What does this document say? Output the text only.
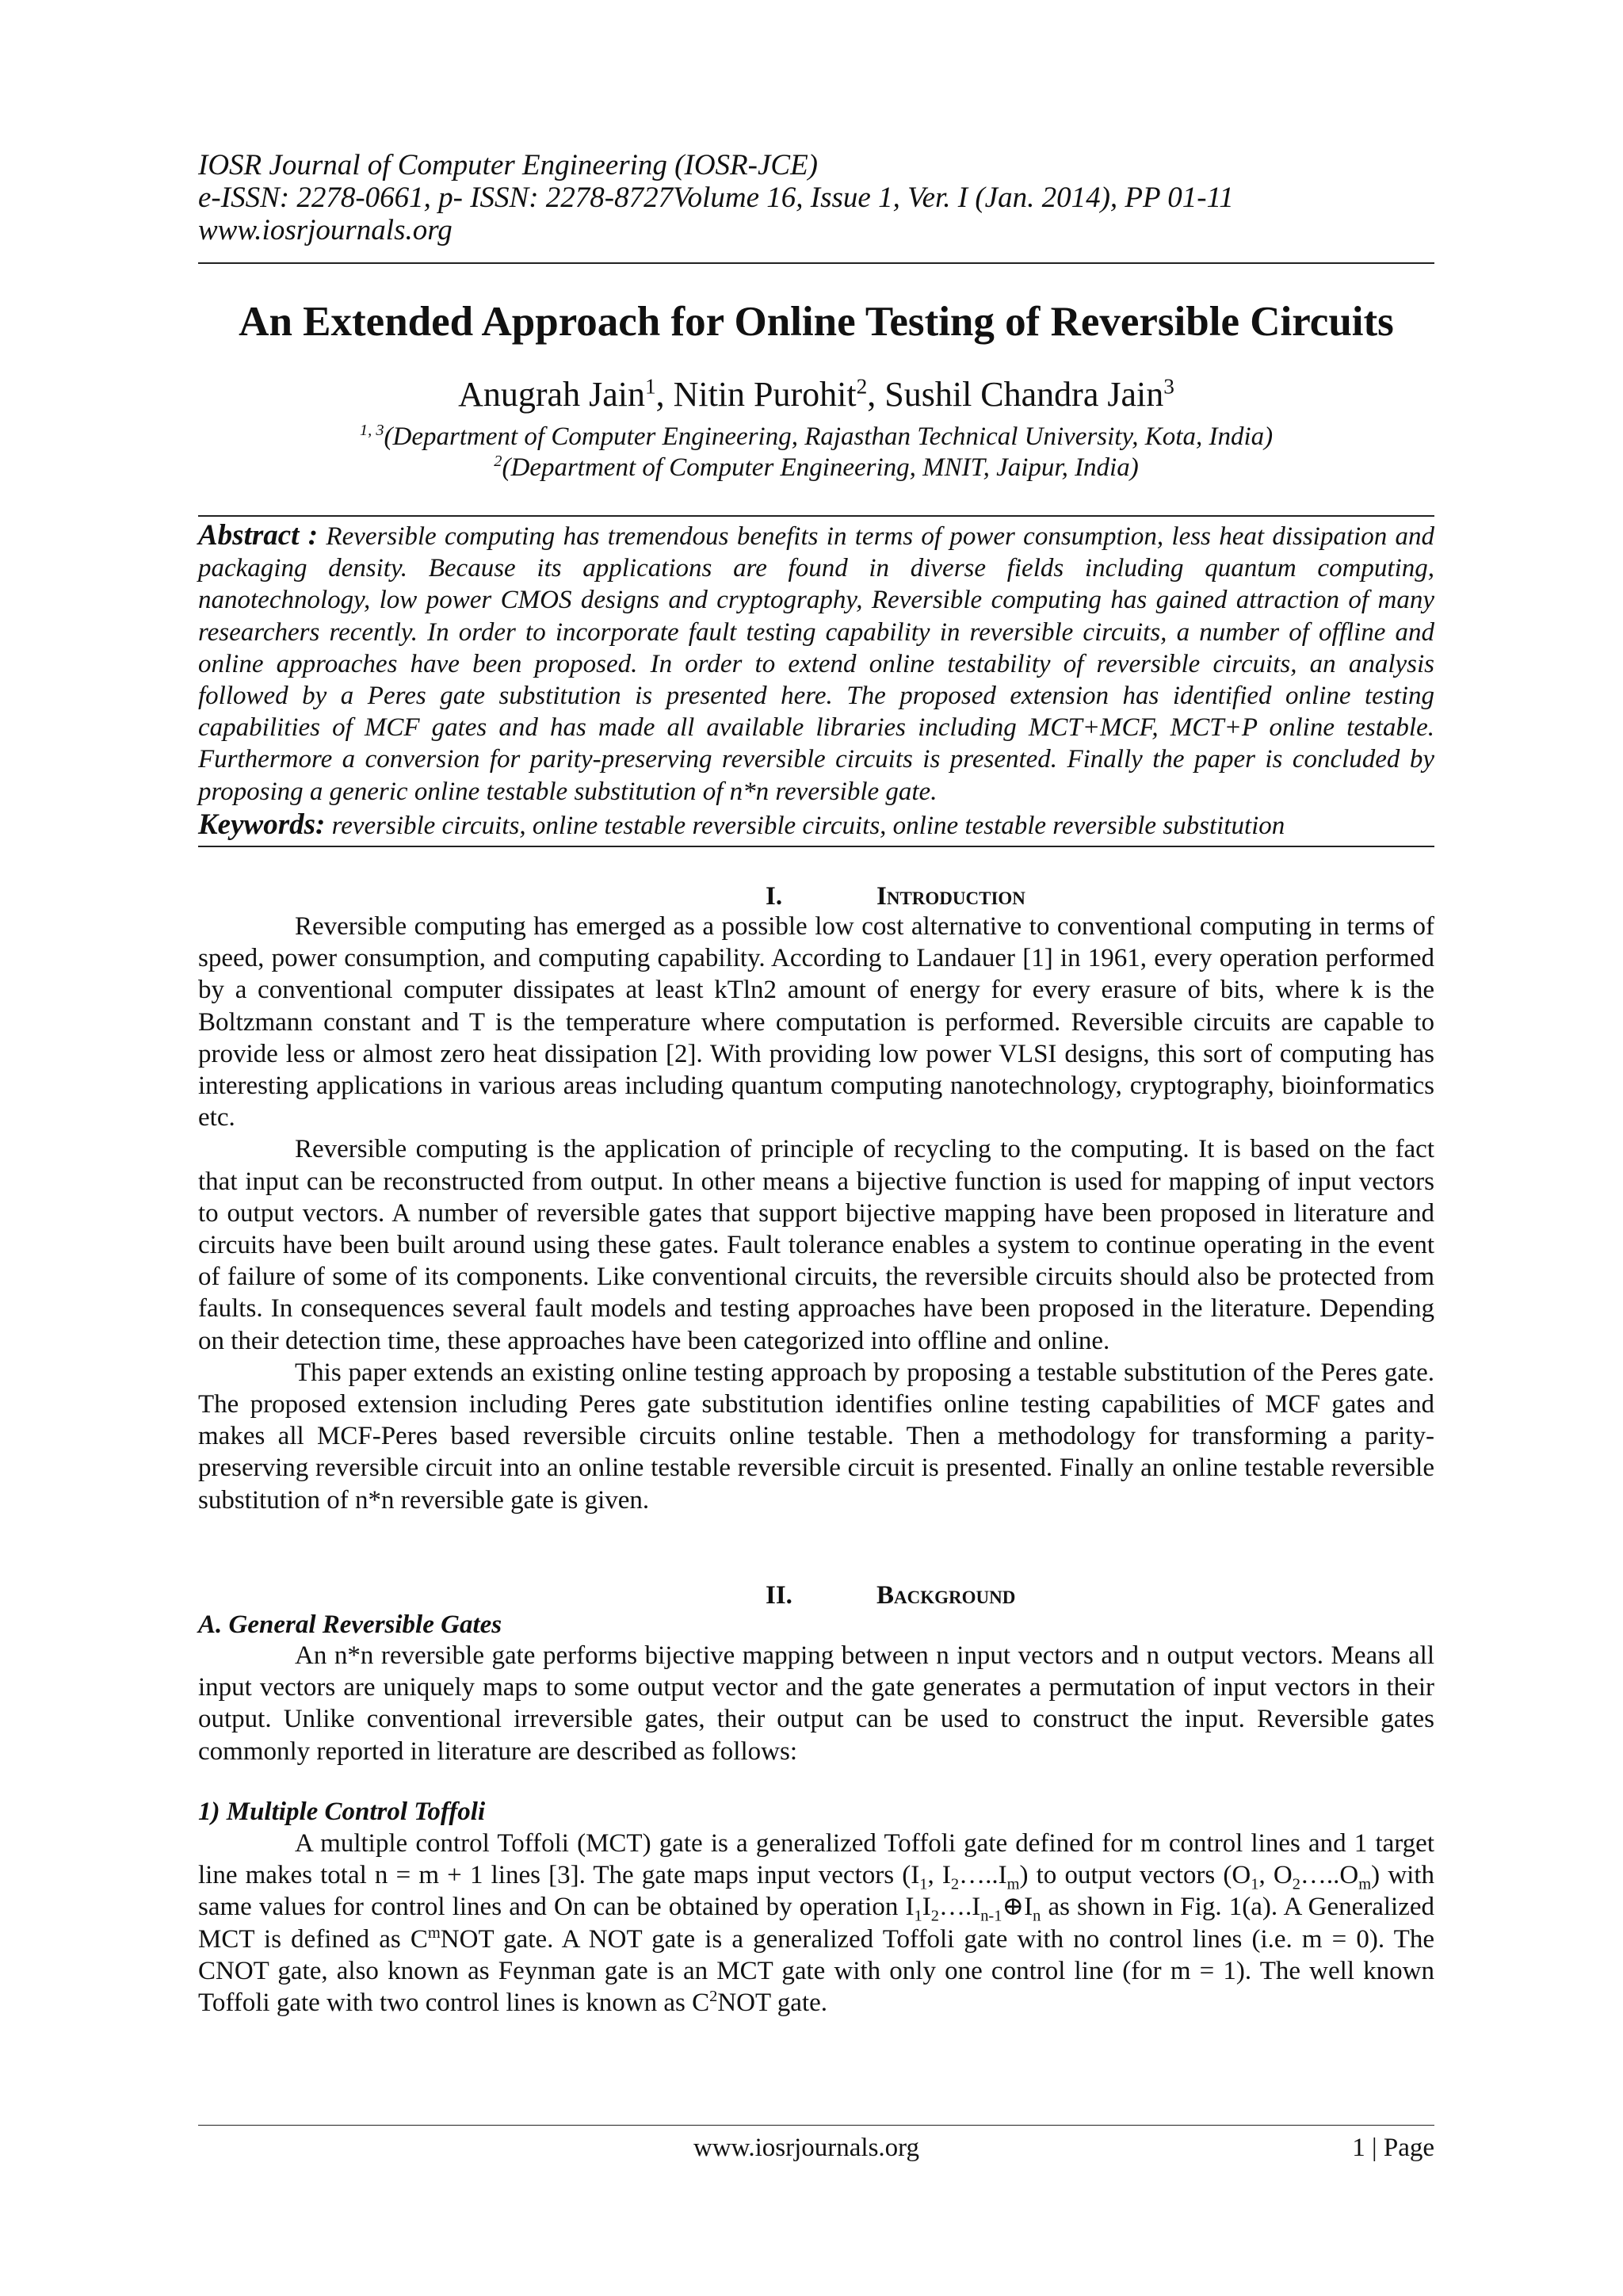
IOSR Journal of Computer Engineering (IOSR-JCE)
e-ISSN: 2278-0661, p- ISSN: 2278-8727Volume 16, Issue 1, Ver. I (Jan. 2014), PP 01-11
www.iosrjournals.org
An Extended Approach for Online Testing of Reversible Circuits
Anugrah Jain$^1$, Nitin Purohit$^2$, Sushil Chandra Jain$^3$
$^{1, 3}$(Department of Computer Engineering, Rajasthan Technical University, Kota, India)
$^2$(Department of Computer Engineering, MNIT, Jaipur, India)
Abstract : Reversible computing has tremendous benefits in terms of power consumption, less heat dissipation and packaging density. Because its applications are found in diverse fields including quantum computing, nanotechnology, low power CMOS designs and cryptography, Reversible computing has gained attraction of many researchers recently. In order to incorporate fault testing capability in reversible circuits, a number of offline and online approaches have been proposed. In order to extend online testability of reversible circuits, an analysis followed by a Peres gate substitution is presented here. The proposed extension has identified online testing capabilities of MCF gates and has made all available libraries including MCT+MCF, MCT+P online testable. Furthermore a conversion for parity-preserving reversible circuits is presented. Finally the paper is concluded by proposing a generic online testable substitution of n*n reversible gate.
Keywords: reversible circuits, online testable reversible circuits, online testable reversible substitution
I.	Introduction

Reversible computing has emerged as a possible low cost alternative to conventional computing in terms of speed, power consumption, and computing capability. According to Landauer [1] in 1961, every operation performed by a conventional computer dissipates at least kTln2 amount of energy for every erasure of bits, where k is the Boltzmann constant and T is the temperature where computation is performed. Reversible circuits are capable to provide less or almost zero heat dissipation [2]. With providing low power VLSI designs, this sort of computing has interesting applications in various areas including quantum computing nanotechnology, cryptography, bioinformatics etc.

Reversible computing is the application of principle of recycling to the computing. It is based on the fact that input can be reconstructed from output. In other means a bijective function is used for mapping of input vectors to output vectors. A number of reversible gates that support bijective mapping have been proposed in literature and circuits have been built around using these gates. Fault tolerance enables a system to continue operating in the event of failure of some of its components. Like conventional circuits, the reversible circuits should also be protected from faults. In consequences several fault models and testing approaches have been proposed in the literature. Depending on their detection time, these approaches have been categorized into offline and online.

This paper extends an existing online testing approach by proposing a testable substitution of the Peres gate. The proposed extension including Peres gate substitution identifies online testing capabilities of MCF gates and makes all MCF-Peres based reversible circuits online testable. Then a methodology for transforming a parity-preserving reversible circuit into an online testable reversible circuit is presented. Finally an online testable reversible substitution of n*n reversible gate is given.

II.	Background
A. General Reversible Gates

An n*n reversible gate performs bijective mapping between n input vectors and n output vectors. Means all input vectors are uniquely maps to some output vector and the gate generates a permutation of input vectors in their output. Unlike conventional irreversible gates, their output can be used to construct the input. Reversible gates commonly reported in literature are described as follows:

1) Multiple Control Toffoli

A multiple control Toffoli (MCT) gate is a generalized Toffoli gate defined for m control lines and 1 target line makes total n = m + 1 lines [3]. The gate maps input vectors ($I_1$, $I_2\dots..I_m$) to output vectors ($O_1$, $O_2\dots..O_m$) with same values for control lines and On can be obtained by operation $I_1I_2\dots.I_{n-1}\oplus I_n$ as shown in Fig. 1(a). A Generalized MCT is defined as $C^mNOT$ gate. A NOT gate is a generalized Toffoli gate with no control lines (i.e. m = 0). The CNOT gate, also known as Feynman gate is an MCT gate with only one control line (for m = 1). The well known Toffoli gate with two control lines is known as $C^2NOT$ gate.

www.iosrjournals.org	1 | Page
